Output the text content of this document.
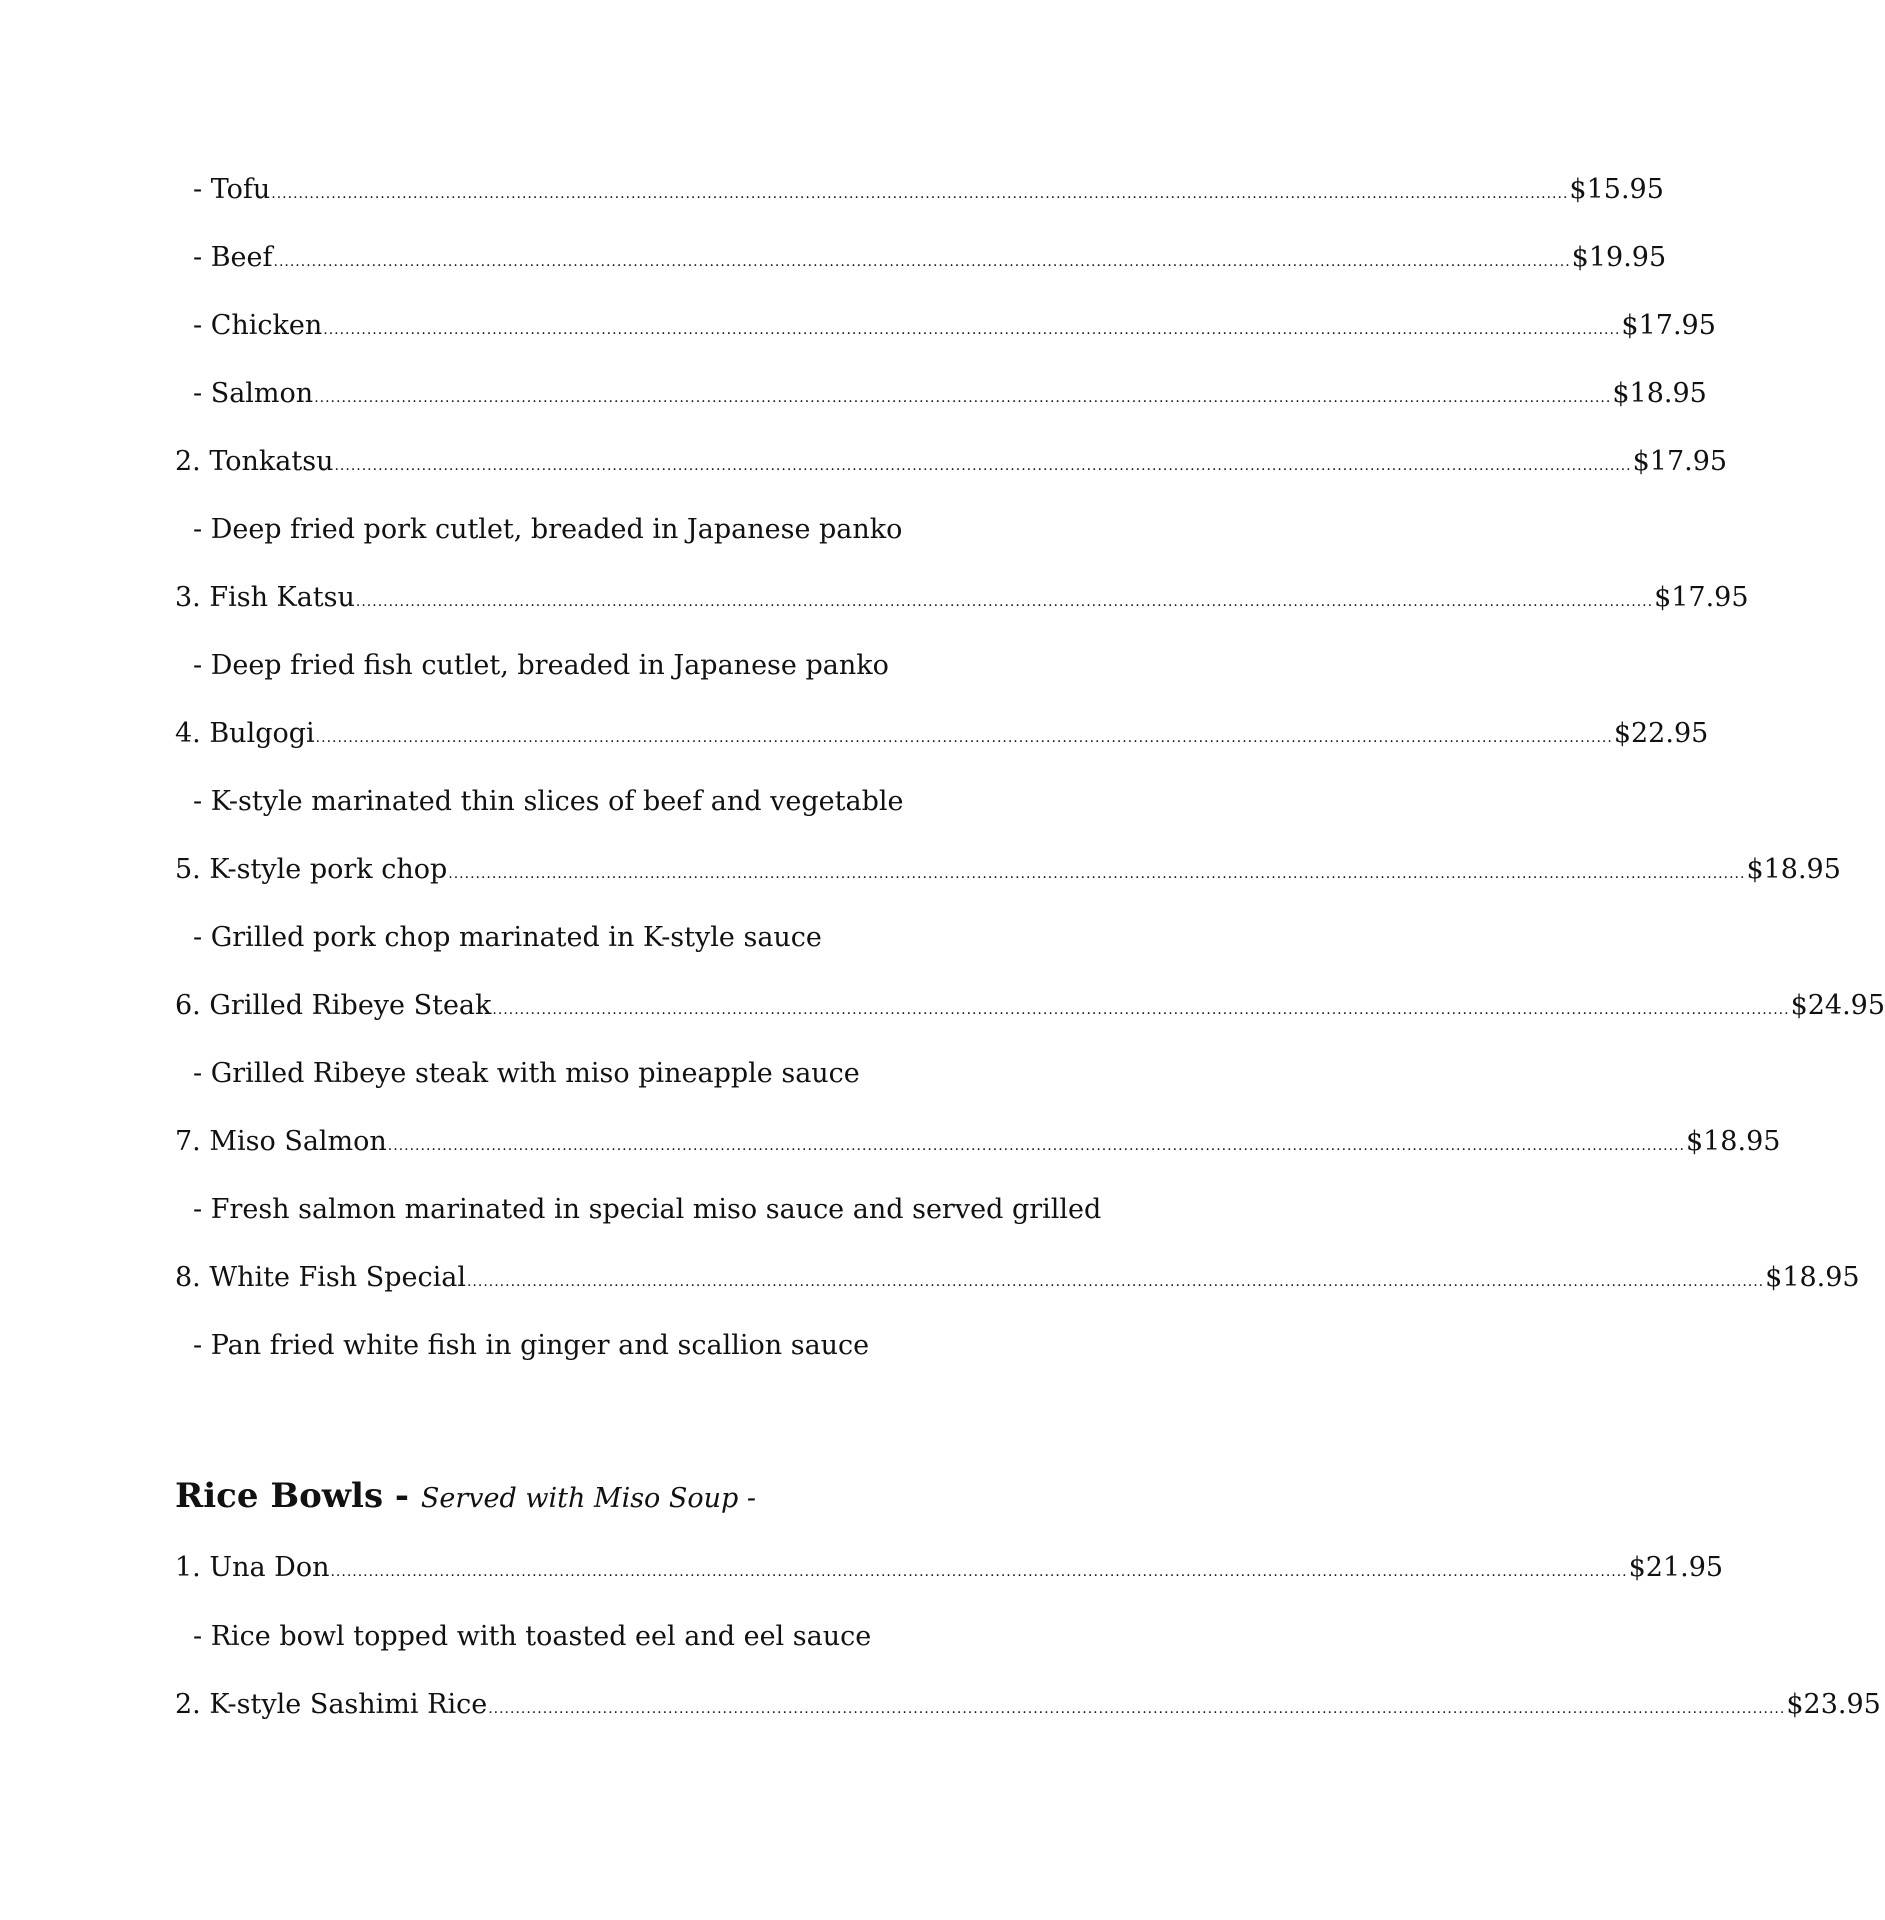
- Tofu .............................................................................................................................................................................................................................................. $15.95
- Beef .............................................................................................................................................................................................................................................. $19.95
- Chicken .............................................................................................................................................................................................................................................. $17.95
- Salmon .............................................................................................................................................................................................................................................. $18.95
2. Tonkatsu .............................................................................................................................................................................................................................................. $17.95
- Deep fried pork cutlet, breaded in Japanese panko
3. Fish Katsu .............................................................................................................................................................................................................................................. $17.95
- Deep fried fish cutlet, breaded in Japanese panko
4. Bulgogi .............................................................................................................................................................................................................................................. $22.95
- K-style marinated thin slices of beef and vegetable
5. K-style pork chop .............................................................................................................................................................................................................................................. $18.95
- Grilled pork chop marinated in K-style sauce
6. Grilled Ribeye Steak .............................................................................................................................................................................................................................................. $24.95
- Grilled Ribeye steak with miso pineapple sauce
7. Miso Salmon .............................................................................................................................................................................................................................................. $18.95
- Fresh salmon marinated in special miso sauce and served grilled
8. White Fish Special .............................................................................................................................................................................................................................................. $18.95
- Pan fried white fish in ginger and scallion sauce
Rice Bowls - Served with Miso Soup -
1. Una Don .............................................................................................................................................................................................................................................. $21.95
- Rice bowl topped with toasted eel and eel sauce
2. K-style Sashimi Rice .............................................................................................................................................................................................................................................. $23.95
